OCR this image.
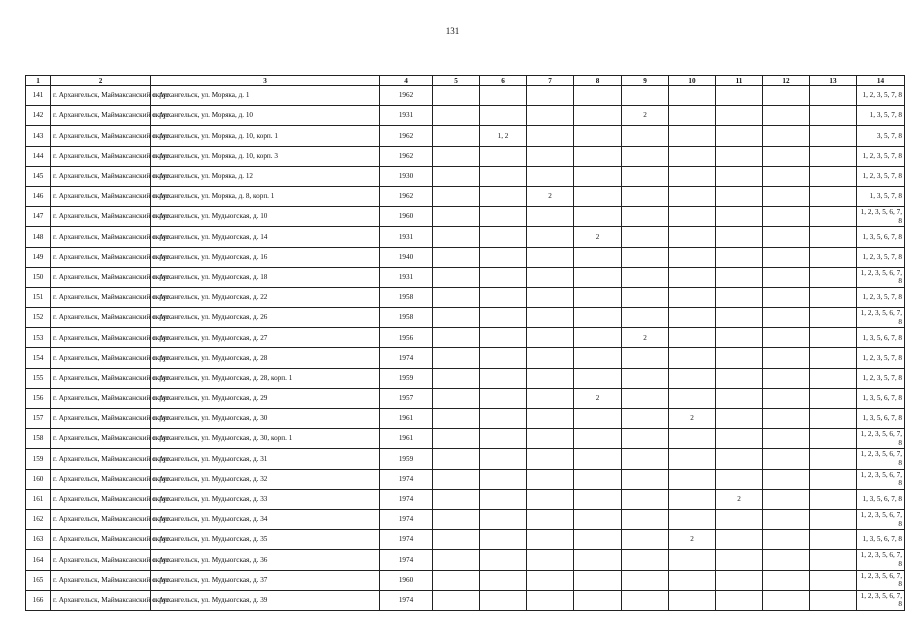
131
1	2	3	4	5	6	7	8	9	10	11	12	13	14
141	г. Архангельск, Маймаксанский округ	г. Архангельск, ул. Моряка, д. 1	1962										1, 2, 3, 5, 7, 8
142	г. Архангельск, Маймаксанский округ	г. Архангельск, ул. Моряка, д. 10	1931					2					1, 3, 5, 7, 8
143	г. Архангельск, Маймаксанский округ	г. Архангельск, ул. Моряка, д. 10, корп. 1	1962		1, 2								3, 5, 7, 8
144	г. Архангельск, Маймаксанский округ	г. Архангельск, ул. Моряка, д. 10, корп. 3	1962										1, 2, 3, 5, 7, 8
145	г. Архангельск, Маймаксанский округ	г. Архангельск, ул. Моряка, д. 12	1930										1, 2, 3, 5, 7, 8
146	г. Архангельск, Маймаксанский округ	г. Архангельск, ул. Моряка, д. 8, корп. 1	1962			2							1, 3, 5, 7, 8
147	г. Архангельск, Маймаксанский округ	г. Архангельск, ул. Мудьюгская, д. 10	1960										1, 2, 3, 5, 6, 7, 8
148	г. Архангельск, Маймаксанский округ	г. Архангельск, ул. Мудьюгская, д. 14	1931				2						1, 3, 5, 6, 7, 8
149	г. Архангельск, Маймаксанский округ	г. Архангельск, ул. Мудьюгская, д. 16	1940										1, 2, 3, 5, 7, 8
150	г. Архангельск, Маймаксанский округ	г. Архангельск, ул. Мудьюгская, д. 18	1931										1, 2, 3, 5, 6, 7, 8
151	г. Архангельск, Маймаксанский округ	г. Архангельск, ул. Мудьюгская, д. 22	1958										1, 2, 3, 5, 7, 8
152	г. Архангельск, Маймаксанский округ	г. Архангельск, ул. Мудьюгская, д. 26	1958										1, 2, 3, 5, 6, 7, 8
153	г. Архангельск, Маймаксанский округ	г. Архангельск, ул. Мудьюгская, д. 27	1956					2					1, 3, 5, 6, 7, 8
154	г. Архангельск, Маймаксанский округ	г. Архангельск, ул. Мудьюгская, д. 28	1974										1, 2, 3, 5, 7, 8
155	г. Архангельск, Маймаксанский округ	г. Архангельск, ул. Мудьюгская, д. 28, корп. 1	1959										1, 2, 3, 5, 7, 8
156	г. Архангельск, Маймаксанский округ	г. Архангельск, ул. Мудьюгская, д. 29	1957				2						1, 3, 5, 6, 7, 8
157	г. Архангельск, Маймаксанский округ	г. Архангельск, ул. Мудьюгская, д. 30	1961						2				1, 3, 5, 6, 7, 8
158	г. Архангельск, Маймаксанский округ	г. Архангельск, ул. Мудьюгская, д. 30, корп. 1	1961										1, 2, 3, 5, 6, 7, 8
159	г. Архангельск, Маймаксанский округ	г. Архангельск, ул. Мудьюгская, д. 31	1959										1, 2, 3, 5, 6, 7, 8
160	г. Архангельск, Маймаксанский округ	г. Архангельск, ул. Мудьюгская, д. 32	1974										1, 2, 3, 5, 6, 7, 8
161	г. Архангельск, Маймаксанский округ	г. Архангельск, ул. Мудьюгская, д. 33	1974							2			1, 3, 5, 6, 7, 8
162	г. Архангельск, Маймаксанский округ	г. Архангельск, ул. Мудьюгская, д. 34	1974										1, 2, 3, 5, 6, 7, 8
163	г. Архангельск, Маймаксанский округ	г. Архангельск, ул. Мудьюгская, д. 35	1974						2				1, 3, 5, 6, 7, 8
164	г. Архангельск, Маймаксанский округ	г. Архангельск, ул. Мудьюгская, д. 36	1974										1, 2, 3, 5, 6, 7, 8
165	г. Архангельск, Маймаксанский округ	г. Архангельск, ул. Мудьюгская, д. 37	1960										1, 2, 3, 5, 6, 7, 8
166	г. Архангельск, Маймаксанский округ	г. Архангельск, ул. Мудьюгская, д. 39	1974										1, 2, 3, 5, 6, 7, 8
